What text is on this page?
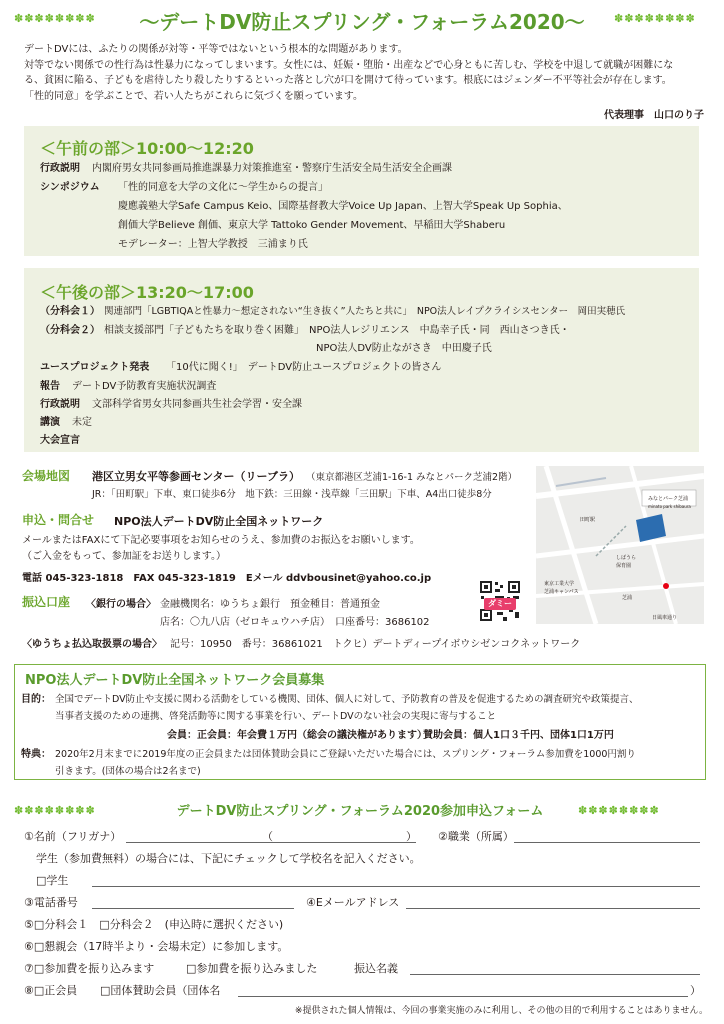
✽✽✽✽✽✽✽✽	〜デートDV防止スプリング・フォーラム2020〜	✽✽✽✽✽✽✽✽

デートDVには、ふたりの関係が対等・平等ではないという根本的な問題があります。

対等でない関係での性行為は性暴力になってしまいます。女性には、妊娠・堕胎・出産などで心身ともに苦しむ、学校を中退して就職が困難にな

る、貧困に陥る、子どもを虐待したり殺したりするといった落とし穴が口を開けて待っています。根底にはジェンダー不平等社会が存在します。

「性的同意」を学ぶことで、若い人たちがこれらに気づくを願っています。

代表理事　山口のり子
＜午前の部＞10:00〜12:20
行政説明 内閣府男女共同参画局推進課暴力対策推進室・警察庁生活安全局生活安全企画課
シンポジウム 「性的同意を大学の文化に〜学生からの提言」
慶應義塾大学Safe Campus Keio、国際基督教大学Voice Up Japan、上智大学Speak Up Sophia、
創価大学Believe 創価、東京大学 Tattoko Gender Movement、早稲田大学Shaberu
モデレーター：上智大学教授　三浦まり氏
＜午後の部＞13:20〜17:00
（分科会１） 関連部門「LGBTIQAと性暴力〜想定されない“生き抜く”人たちと共に」　NPO法人レイプクライシスセンター　岡田実穂氏
（分科会２） 相談支援部門「子どもたちを取り巻く困難」　NPO法人レジリエンス　中島幸子氏・同　西山さつき氏・
NPO法人DV防止ながさき　中田慶子氏
ユースプロジェクト発表 「10代に聞く!」　デートDV防止ユースプロジェクトの皆さん
報告 デートDV予防教育実施状況調査
行政説明 文部科学省男女共同参画共生社会学習・安全課
講演 未定
大会宣言
会場地図 港区立男女平等参画センター（リーブラ） （東京都港区芝浦1-16-1 みなとパーク芝浦2階）
JR：「田町駅」下車、東口徒歩6分　地下鉄：三田線・浅草線「三田駅」下車、A4出口徒歩8分
申込・問合せ NPO法人デートDV防止全国ネットワーク
メールまたはFAXにて下記必要事項をお知らせのうえ、参加費のお振込をお願いします。
（ご入金をもって、参加証をお送りします。）
電話 045-323-1818　FAX 045-323-1819　Eメール ddvbousinet@yahoo.co.jp
振込口座 〈銀行の場合〉 金融機関名：ゆうちょ銀行　預金種目：普通預金
店名：〇九八店（ゼロキュウハチ店）　口座番号：3686102
〈ゆうちょ払込取扱票の場合〉 記号：10950　番号：36861021　トクヒ）デートディープイボウシゼンコクネットワーク
ダミー
みなとパーク芝浦
minato park shibaura
田町駅
しばうら
保育園
東京工業大学
芝浦キャンパス
芝浦
日風車通り
NPO法人デートDV防止全国ネットワーク会員募集
目的： 全国でデートDV防止や支援に関わる活動をしている機関、団体、個人に対して、予防教育の普及を促進するための調査研究や政策提言、
当事者支援のための連携、啓発活動等に関する事業を行い、デートDVのない社会の実現に寄与すること
会員：正会員：年会費１万円（総会の議決権があります）
賛助会員：個人1口３千円、団体1口1万円
特典： 2020年2月末までに2019年度の正会員または団体賛助会員にご登録いただいた場合には、スプリング・フォーラム参加費を1000円割り
引きます。(団体の場合は2名まで)
✽✽✽✽✽✽✽✽	デートDV防止スプリング・フォーラム2020参加申込フォーム	✽✽✽✽✽✽✽✽
①名前（フリガナ）	（	） ②職業（所属）
学生（参加費無料）の場合には、下記にチェックして学校名を記入ください。
□学生
③電話番号	④Eメールアドレス
⑤□分科会１　□分科会２　(申込時に選択ください)
⑥□懇親会（17時半より・会場未定）に参加します。
⑦□参加費を振り込みます	□参加費を振り込みました	振込名義
⑧□正会員 □団体賛助会員（団体名	）
※提供された個人情報は、今回の事業実施のみに利用し、その他の目的で利用することはありません。
